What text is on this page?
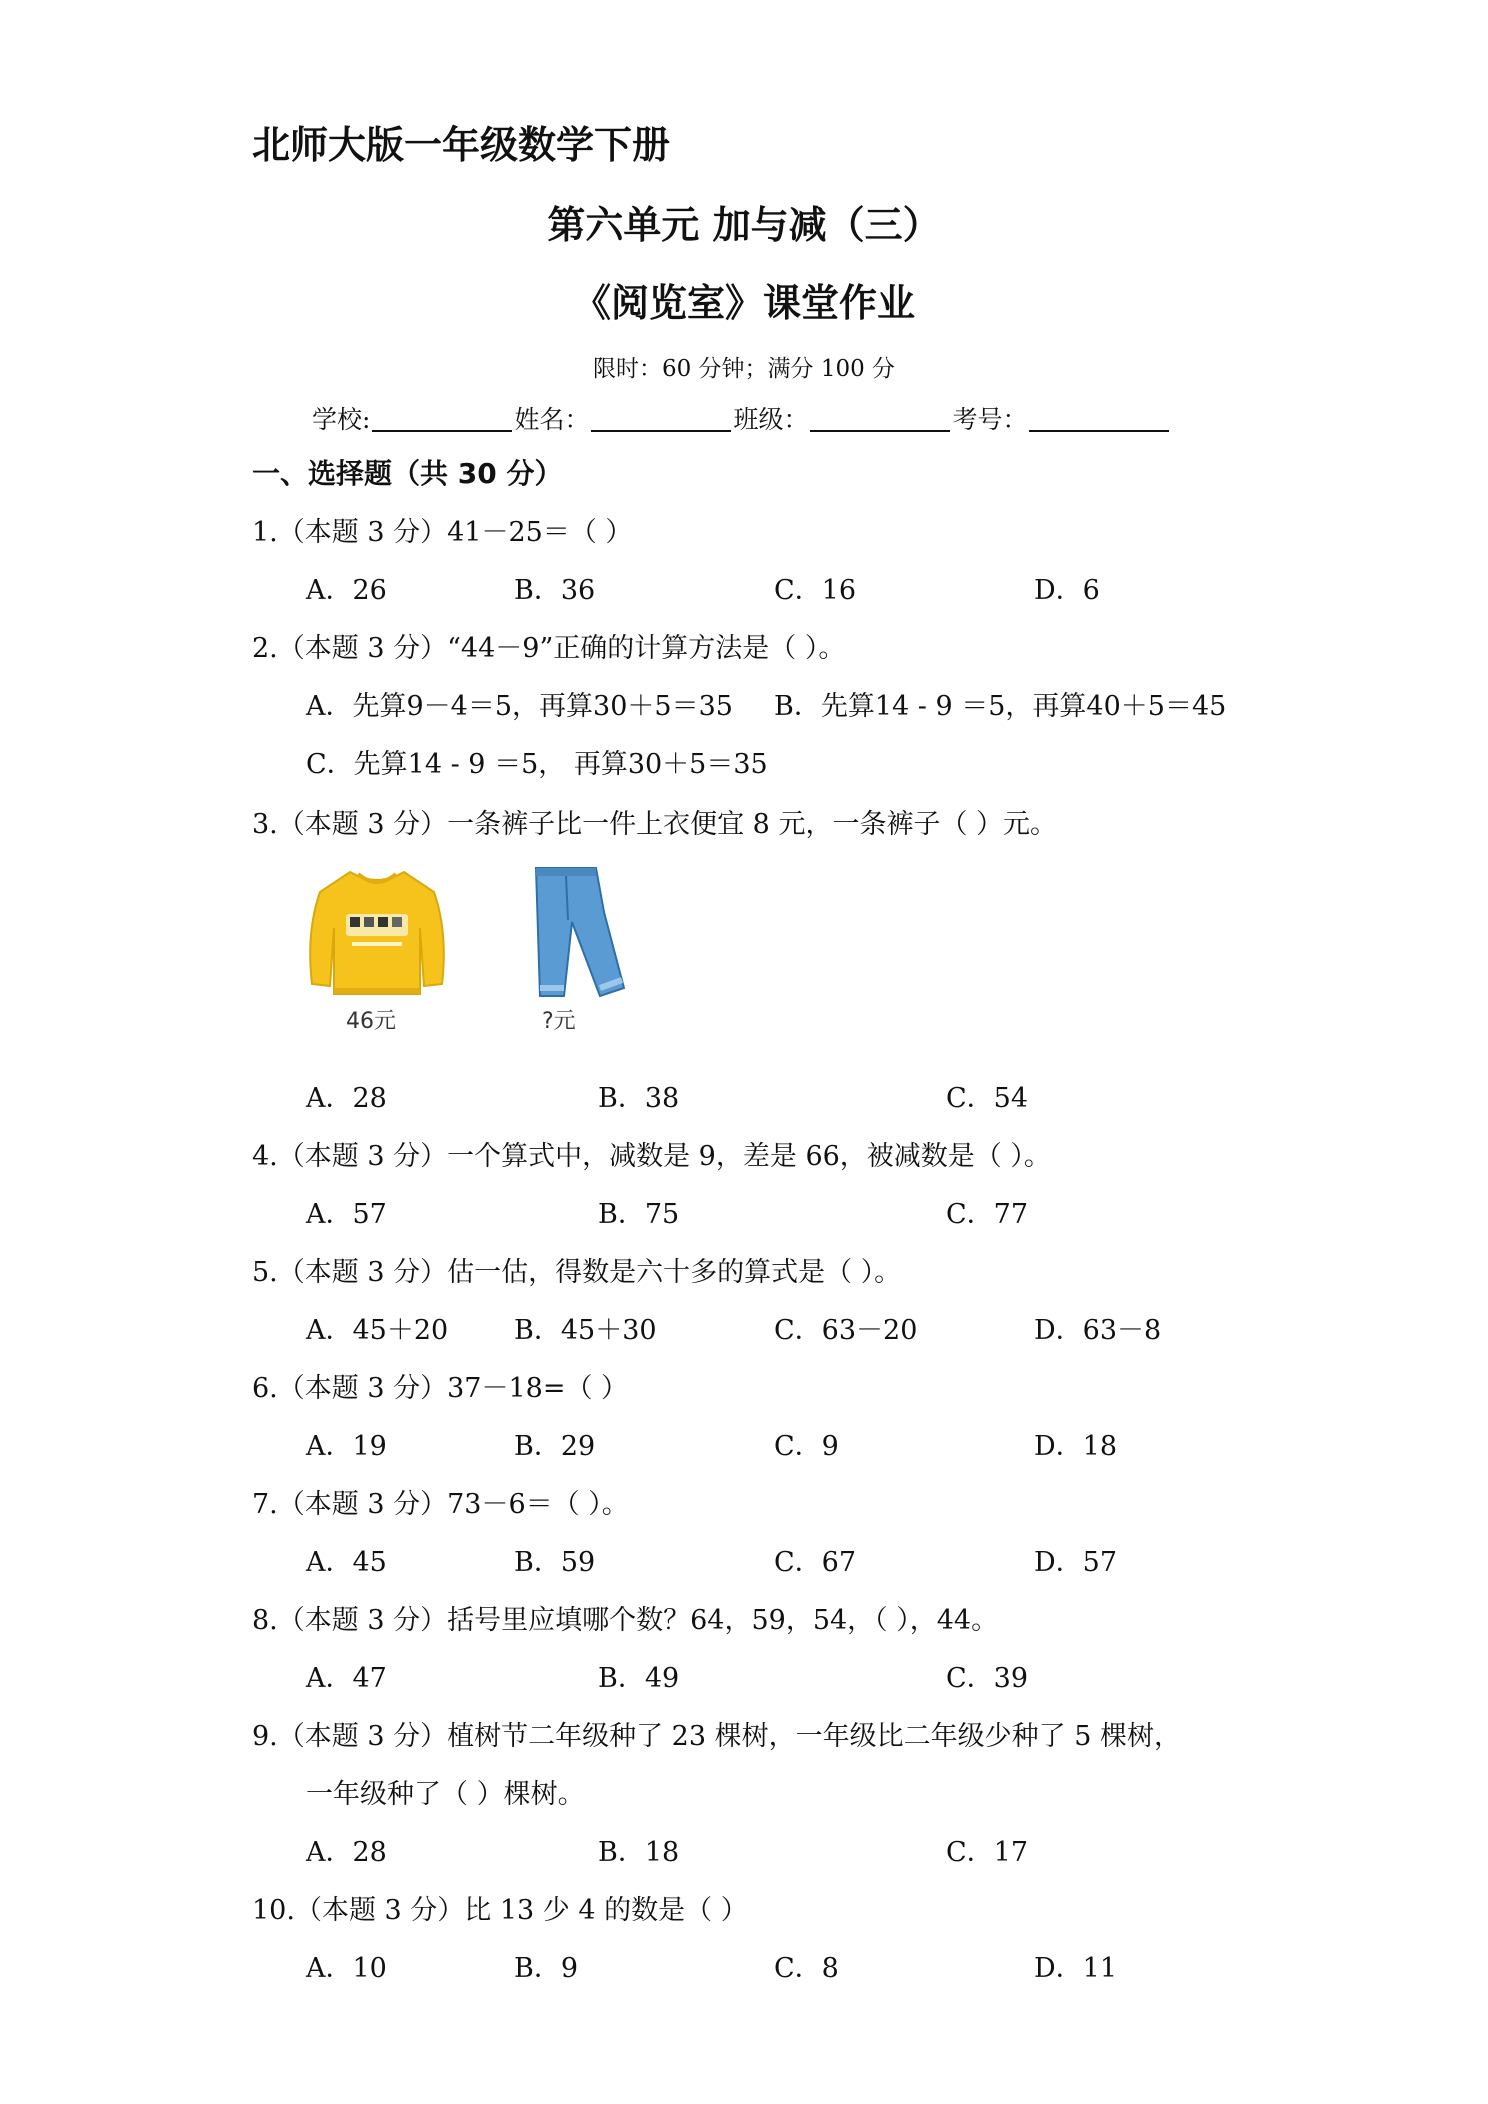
北师大版一年级数学下册
第六单元 加与减（三）
《阅览室》课堂作业
限时：60 分钟；满分 100 分
学校:	姓名：	班级：	考号：
一、选择题（共 30 分）
1.（本题 3 分）41－25＝（ ）
A．26	B．36	C．16	D．6
2.（本题 3 分）“44－9”正确的计算方法是（ ）。
A．先算9－4＝5，再算30＋5＝35 B．先算14 - 9 ＝5，再算40＋5＝45
C．先算14 - 9 ＝5， 再算30＋5＝35
3.（本题 3 分）一条裤子比一件上衣便宜 8 元，一条裤子（ ）元。
46元	?元
A．28	B．38	C．54
4.（本题 3 分）一个算式中，减数是 9，差是 66，被减数是（ ）。
A．57	B．75	C．77
5.（本题 3 分）估一估，得数是六十多的算式是（ ）。
A．45＋20 B．45＋30	C．63－20	D．63－8
6.（本题 3 分）37－18=（ ）
A．19	B．29	C．9	D．18
7.（本题 3 分）73－6＝（ ）。
A．45	B．59	C．67	D．57
8.（本题 3 分）括号里应填哪个数？64，59，54，（ ），44。
A．47	B．49	C．39
9.（本题 3 分）植树节二年级种了 23 棵树，一年级比二年级少种了 5 棵树，
一年级种了（ ）棵树。
A．28	B．18	C．17
10.（本题 3 分）比 13 少 4 的数是（ ）
A．10	B．9	C．8	D．11
